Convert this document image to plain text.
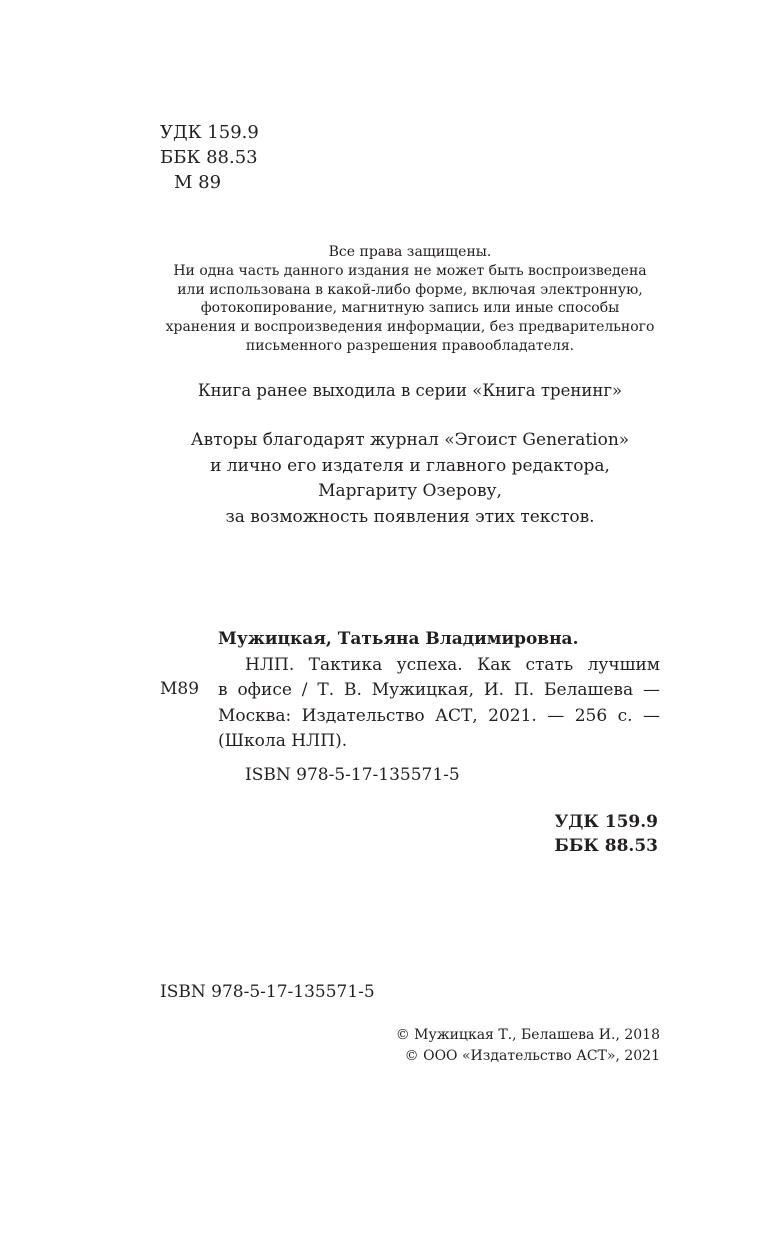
УДК 159.9
ББК 88.53
М 89
Все права защищены.
Ни одна часть данного издания не может быть воспроизведена
или использована в какой-либо форме, включая электронную,
фотокопирование, магнитную запись или иные способы
хранения и воспроизведения информации, без предварительного
письменного разрешения правообладателя.
Книга ранее выходила в серии «Книга тренинг»
Авторы благодарят журнал «Эгоист Generation»
и лично его издателя и главного редактора,
Маргариту Озерову,
за возможность появления этих текстов.
М89
Мужицкая, Татьяна Владимировна.
НЛП. Тактика успеха. Как стать лучшим
в офисе / Т. В. Мужицкая, И. П. Белашева —
Москва: Издательство АСТ, 2021. — 256 с. —
(Школа НЛП).
ISBN 978-5-17-135571-5
УДК 159.9
ББК 88.53
ISBN 978-5-17-135571-5
© Мужицкая Т., Белашева И., 2018
© ООО «Издательство АСТ», 2021
